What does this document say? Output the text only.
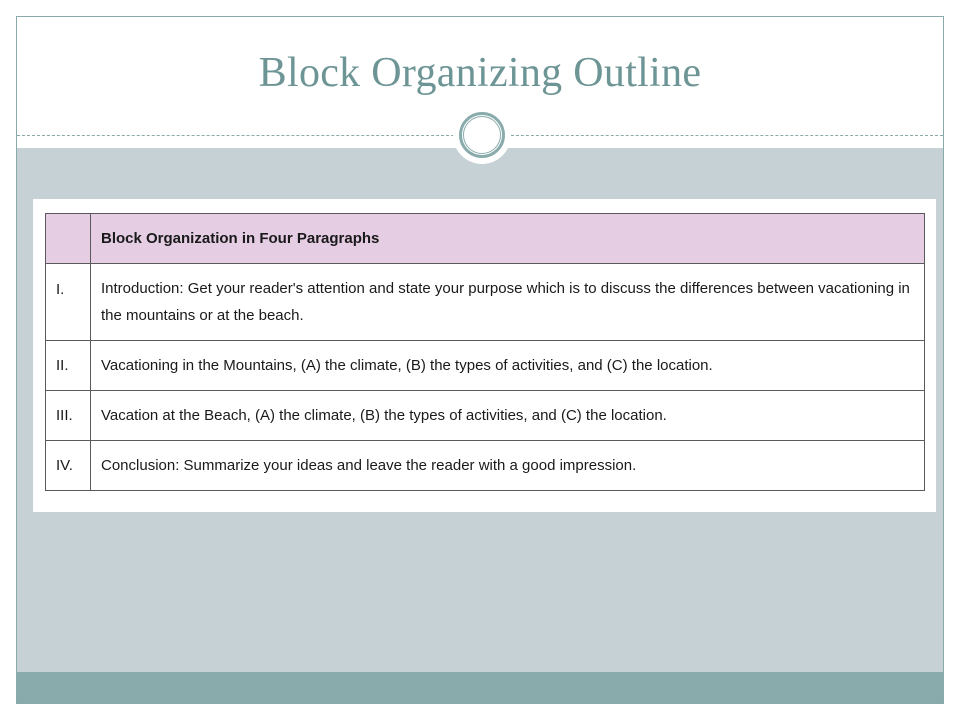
Block Organizing Outline
	Block Organization in Four Paragraphs
I.	Introduction: Get your reader's attention and state your purpose which is to discuss the differences between vacationing in the mountains or at the beach.
II.	Vacationing in the Mountains, (A) the climate, (B) the types of activities, and (C) the location.
III.	Vacation at the Beach, (A) the climate, (B) the types of activities, and (C) the location.
IV.	Conclusion: Summarize your ideas and leave the reader with a good impression.
